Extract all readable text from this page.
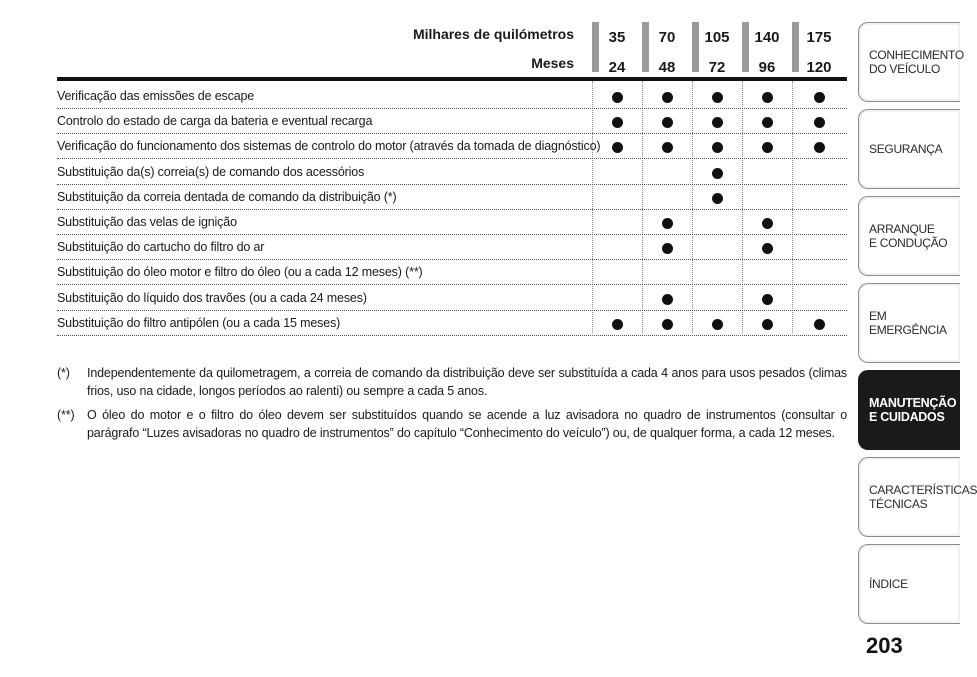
Milhares de quilómetros
Meses
35
24
70
48
105
72
140
96
175
120
Verificação das emissões de escape
Controlo do estado de carga da bateria e eventual recarga
Verificação do funcionamento dos sistemas de controlo do motor (através da tomada de diagnóstico)
Substituição da(s) correia(s) de comando dos acessórios
Substituição da correia dentada de comando da distribuição (*)
Substituição das velas de ignição
Substituição do cartucho do filtro do ar
Substituição do óleo motor e filtro do óleo (ou a cada 12 meses) (**)
Substituição do líquido dos travões (ou a cada 24 meses)
Substituição do filtro antipólen (ou a cada 15 meses)
(*) Independentemente da quilometragem, a correia de comando da distribuição deve ser substituída a cada 4 anos para usos pesados (climas frios, uso na cidade, longos períodos ao ralenti) ou sempre a cada 5 anos.
(**) O óleo do motor e o filtro do óleo devem ser substituídos quando se acende a luz avisadora no quadro de instrumentos (consultar o parágrafo “Luzes avisadoras no quadro de instrumentos” do capítulo “Conhecimento do veículo”) ou, de qualquer forma, a cada 12 meses.
CONHECIMENTO
DO VEÍCULO
SEGURANÇA
ARRANQUE
E CONDUÇÃO
EM EMERGÊNCIA
MANUTENÇÃO
E CUIDADOS
CARACTERÍSTICAS
TÉCNICAS
ÍNDICE
203
